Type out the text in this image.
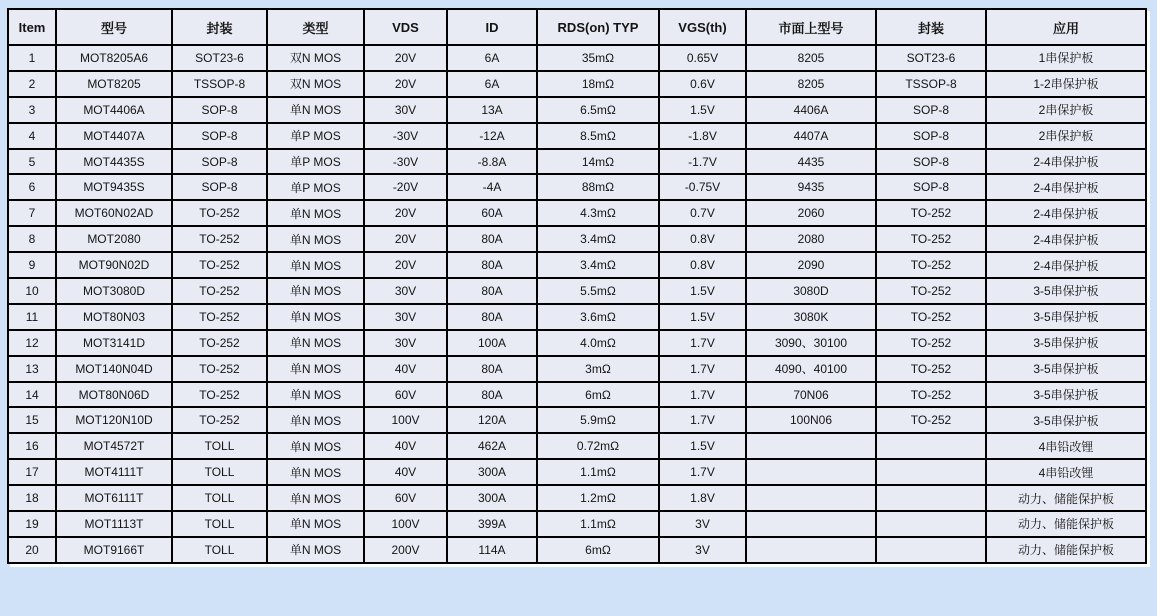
Item	型号	封装	类型	VDS	ID	RDS(on) TYP	VGS(th)	市面上型号	封装	应用
1	MOT8205A6	SOT23-6	双N MOS	20V	6A	35mΩ	0.65V	8205	SOT23-6	1串保护板
2	MOT8205	TSSOP-8	双N MOS	20V	6A	18mΩ	0.6V	8205	TSSOP-8	1-2串保护板
3	MOT4406A	SOP-8	单N MOS	30V	13A	6.5mΩ	1.5V	4406A	SOP-8	2串保护板
4	MOT4407A	SOP-8	单P MOS	-30V	-12A	8.5mΩ	-1.8V	4407A	SOP-8	2串保护板
5	MOT4435S	SOP-8	单P MOS	-30V	-8.8A	14mΩ	-1.7V	4435	SOP-8	2-4串保护板
6	MOT9435S	SOP-8	单P MOS	-20V	-4A	88mΩ	-0.75V	9435	SOP-8	2-4串保护板
7	MOT60N02AD	TO-252	单N MOS	20V	60A	4.3mΩ	0.7V	2060	TO-252	2-4串保护板
8	MOT2080	TO-252	单N MOS	20V	80A	3.4mΩ	0.8V	2080	TO-252	2-4串保护板
9	MOT90N02D	TO-252	单N MOS	20V	80A	3.4mΩ	0.8V	2090	TO-252	2-4串保护板
10	MOT3080D	TO-252	单N MOS	30V	80A	5.5mΩ	1.5V	3080D	TO-252	3-5串保护板
11	MOT80N03	TO-252	单N MOS	30V	80A	3.6mΩ	1.5V	3080K	TO-252	3-5串保护板
12	MOT3141D	TO-252	单N MOS	30V	100A	4.0mΩ	1.7V	3090、30100	TO-252	3-5串保护板
13	MOT140N04D	TO-252	单N MOS	40V	80A	3mΩ	1.7V	4090、40100	TO-252	3-5串保护板
14	MOT80N06D	TO-252	单N MOS	60V	80A	6mΩ	1.7V	70N06	TO-252	3-5串保护板
15	MOT120N10D	TO-252	单N MOS	100V	120A	5.9mΩ	1.7V	100N06	TO-252	3-5串保护板
16	MOT4572T	TOLL	单N MOS	40V	462A	0.72mΩ	1.5V			4串铅改锂
17	MOT4111T	TOLL	单N MOS	40V	300A	1.1mΩ	1.7V			4串铅改锂
18	MOT6111T	TOLL	单N MOS	60V	300A	1.2mΩ	1.8V			动力、储能保护板
19	MOT1113T	TOLL	单N MOS	100V	399A	1.1mΩ	3V			动力、储能保护板
20	MOT9166T	TOLL	单N MOS	200V	114A	6mΩ	3V			动力、储能保护板
